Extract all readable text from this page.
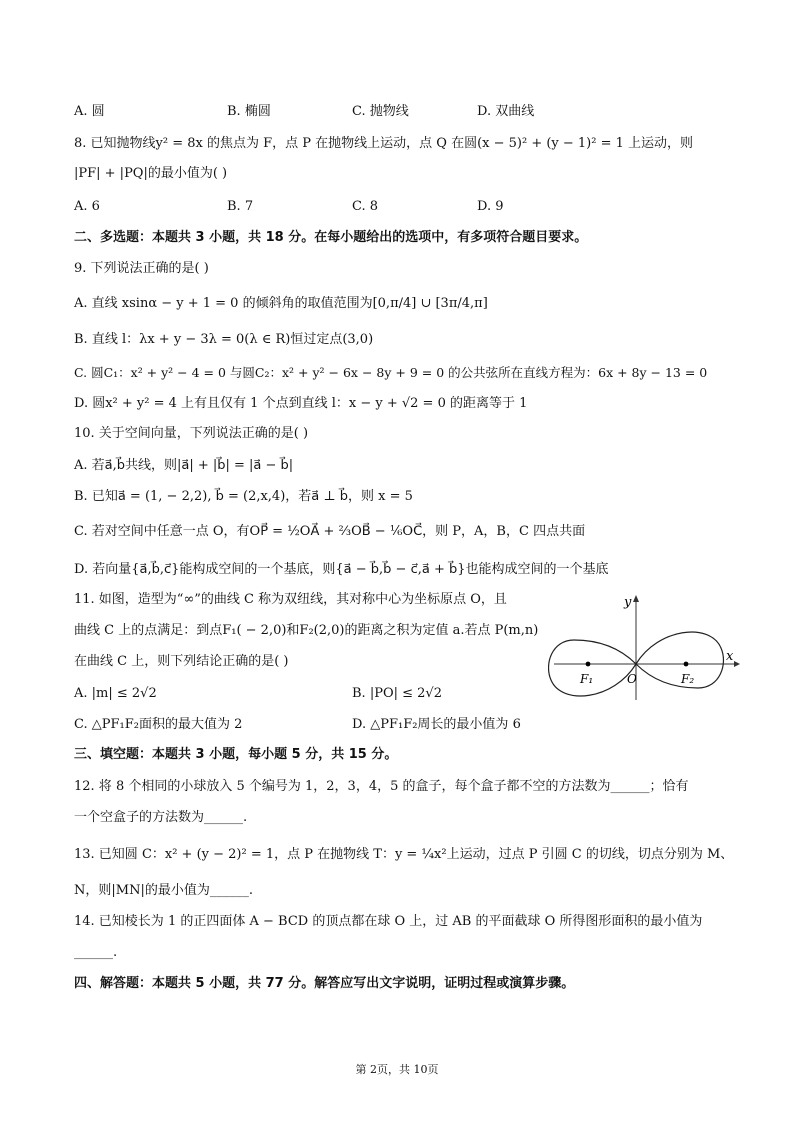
A. 圆	B. 椭圆	C. 抛物线	D. 双曲线
8. 已知抛物线y² = 8x 的焦点为 F，点 P 在抛物线上运动，点 Q 在圆(x − 5)² + (y − 1)² = 1 上运动，则
|PF| + |PQ|的最小值为( )
A. 6	B. 7	C. 8	D. 9
二、多选题：本题共 3 小题，共 18 分。在每小题给出的选项中，有多项符合题目要求。
9. 下列说法正确的是( )
A. 直线 xsinα − y + 1 = 0 的倾斜角的取值范围为[0,π/4] ∪ [3π/4,π]
B. 直线 l：λx + y − 3λ = 0(λ ∈ R)恒过定点(3,0)
C. 圆C₁：x² + y² − 4 = 0 与圆C₂：x² + y² − 6x − 8y + 9 = 0 的公共弦所在直线方程为：6x + 8y − 13 = 0
D. 圆x² + y² = 4 上有且仅有 1 个点到直线 l：x − y + √2 = 0 的距离等于 1
10. 关于空间向量，下列说法正确的是( )
A. 若a⃗,b⃗共线，则|a⃗| + |b⃗| = |a⃗ − b⃗|
B. 已知a⃗ = (1, − 2,2), b⃗ = (2,x,4)，若a⃗ ⊥ b⃗，则 x = 5
C. 若对空间中任意一点 O，有OP⃗ = ½OA⃗ + ⅔OB⃗ − ⅙OC⃗，则 P，A，B，C 四点共面
D. 若向量{a⃗,b⃗,c⃗}能构成空间的一个基底，则{a⃗ − b⃗,b⃗ − c⃗,a⃗ + b⃗}也能构成空间的一个基底
11. 如图，造型为“∞”的曲线 C 称为双纽线，其对称中心为坐标原点 O，且
曲线 C 上的点满足：到点F₁( − 2,0)和F₂(2,0)的距离之积为定值 a.若点 P(m,n)
在曲线 C 上，则下列结论正确的是( )
A. |m| ≤ 2√2	B. |PO| ≤ 2√2
C. △PF₁F₂面积的最大值为 2	D. △PF₁F₂周长的最小值为 6
y
x
F₁	O	F₂
三、填空题：本题共 3 小题，每小题 5 分，共 15 分。
12. 将 8 个相同的小球放入 5 个编号为 1，2，3，4，5 的盒子，每个盒子都不空的方法数为______；恰有
一个空盒子的方法数为______.
13. 已知圆 C：x² + (y − 2)² = 1，点 P 在抛物线 T：y = ¼x²上运动，过点 P 引圆 C 的切线，切点分别为 M、
N，则|MN|的最小值为______.
14. 已知棱长为 1 的正四面体 A − BCD 的顶点都在球 O 上，过 AB 的平面截球 O 所得图形面积的最小值为
______.
四、解答题：本题共 5 小题，共 77 分。解答应写出文字说明，证明过程或演算步骤。
第 2页，共 10页
